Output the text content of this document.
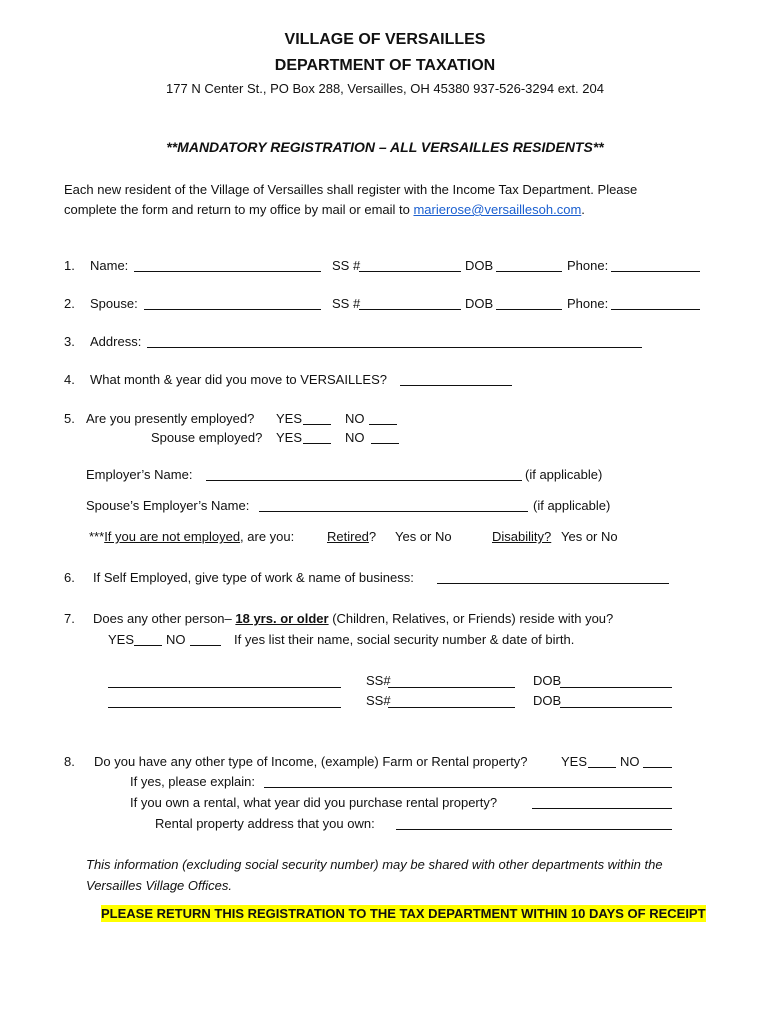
VILLAGE OF VERSAILLES
DEPARTMENT OF TAXATION
177 N Center St., PO Box 288, Versailles, OH 45380 937-526-3294 ext. 204
**MANDATORY REGISTRATION – ALL VERSAILLES RESIDENTS**
Each new resident of the Village of Versailles shall register with the Income Tax Department. Please
complete the form and return to my office by mail or email to marierose@versaillesoh.com.
1. Name:	SS #	DOB	Phone:
2. Spouse:	SS #	DOB	Phone:
3. Address:
4. What month & year did you move to VERSAILLES?
5. Are you presently employed? YES	NO
Spouse employed? YES	NO
Employer’s Name:	(if applicable)
Spouse’s Employer’s Name:	(if applicable)
***If you are not employed, are you:	Retired? Yes or No	Disability? Yes or No
6. If Self Employed, give type of work & name of business:
7. Does any other person– 18 yrs. or older (Children, Relatives, or Friends) reside with you?
YES NO	If yes list their name, social security number & date of birth.
SS#	DOB
SS#	DOB
8. Do you have any other type of Income, (example) Farm or Rental property?	YES	NO
If yes, please explain:
If you own a rental, what year did you purchase rental property?
Rental property address that you own:
This information (excluding social security number) may be shared with other departments within the
Versailles Village Offices.
PLEASE RETURN THIS REGISTRATION TO THE TAX DEPARTMENT WITHIN 10 DAYS OF RECEIPT
